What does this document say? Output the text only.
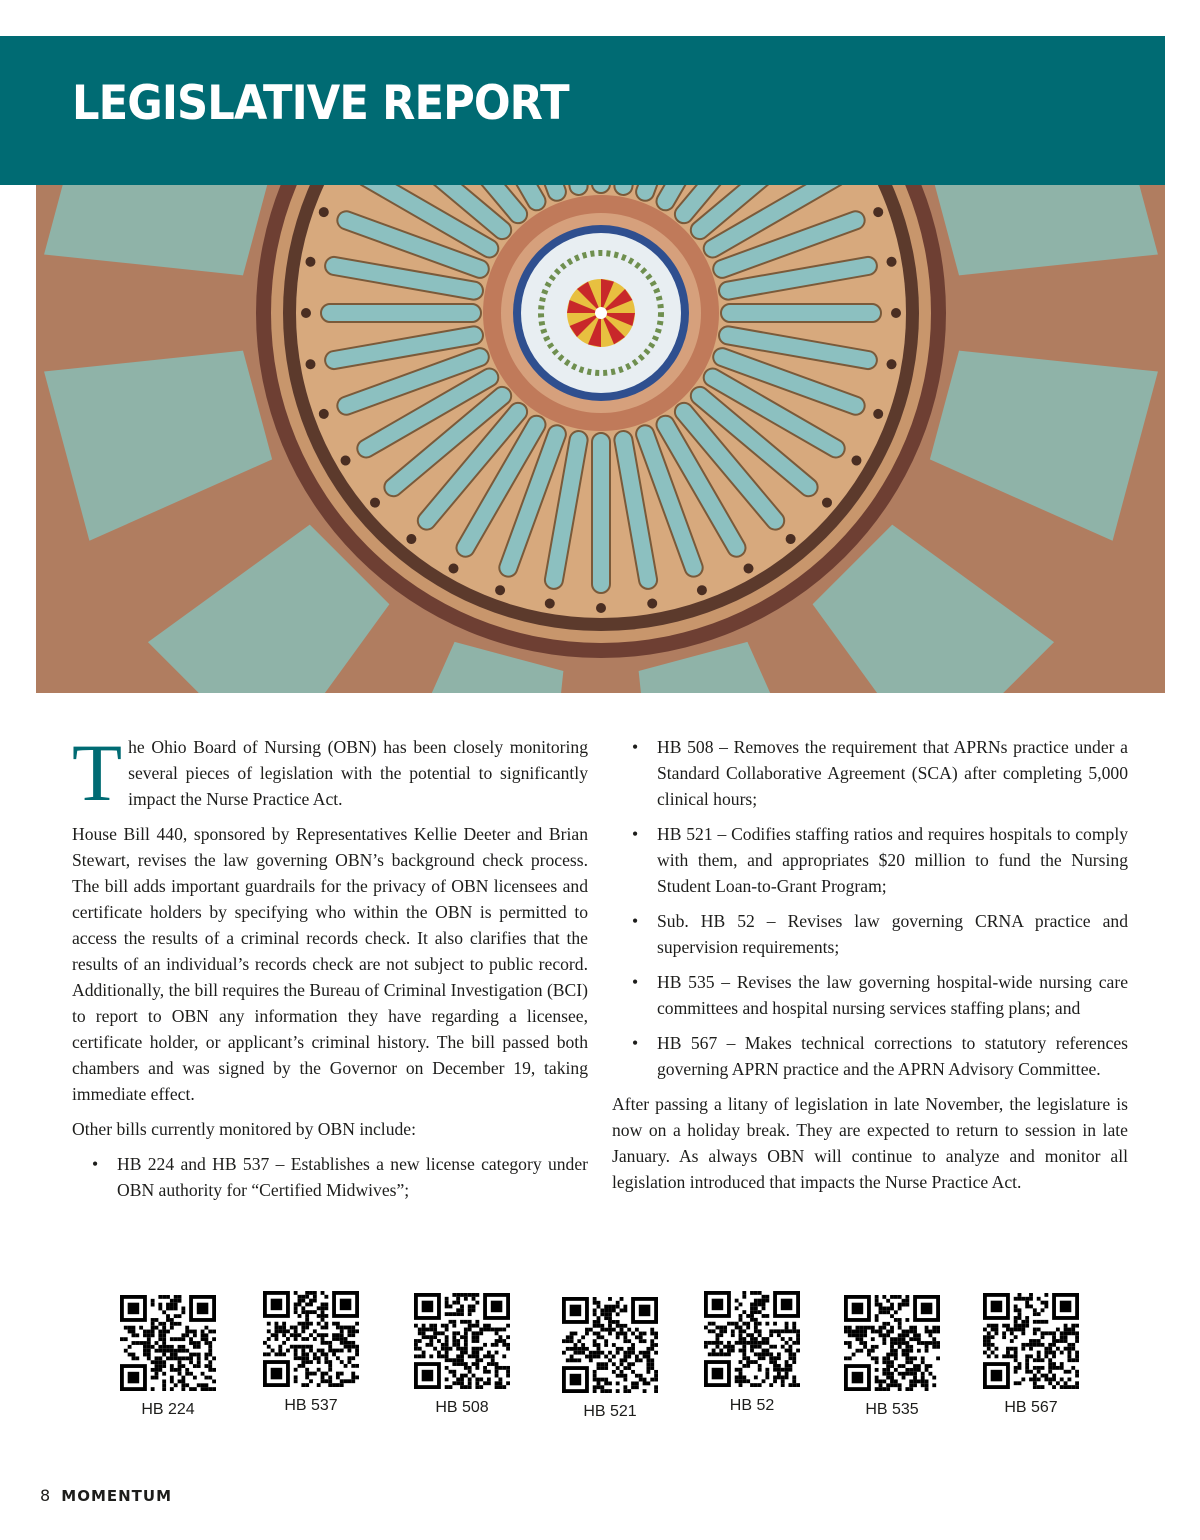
LEGISLATIVE REPORT

The Ohio Board of Nursing (OBN) has been closely monitoring several pieces of legislation with the potential to significantly impact the Nurse Practice Act.

House Bill 440, sponsored by Representatives Kellie Deeter and Brian Stewart, revises the law governing OBN’s background check process. The bill adds important guardrails for the privacy of OBN licensees and certificate holders by specifying who within the OBN is permitted to access the results of a criminal records check. It also clarifies that the results of an individual’s records check are not subject to public record. Additionally, the bill requires the Bureau of Criminal Investigation (BCI) to report to OBN any information they have regarding a licensee, certificate holder, or applicant’s criminal history. The bill passed both chambers and was signed by the Governor on December 19, taking immediate effect.

Other bills currently monitored by OBN include:

• HB 224 and HB 537 – Establishes a new license category under OBN authority for “Certified Midwives”;
• HB 508 – Removes the requirement that APRNs practice under a Standard Collaborative Agreement (SCA) after completing 5,000 clinical hours;
• HB 521 – Codifies staffing ratios and requires hospitals to comply with them, and appropriates $20 million to fund the Nursing Student Loan-to-Grant Program;
• Sub. HB 52 – Revises law governing CRNA practice and supervision requirements;
• HB 535 – Revises the law governing hospital-wide nursing care committees and hospital nursing services staffing plans; and
• HB 567 – Makes technical corrections to statutory references governing APRN practice and the APRN Advisory Committee.

After passing a litany of legislation in late November, the legislature is now on a holiday break. They are expected to return to session in late January. As always OBN will continue to analyze and monitor all legislation introduced that impacts the Nurse Practice Act.

HB 224	HB 537	HB 508	HB 521	HB 52	HB 535	HB 567
8 MOMENTUM
